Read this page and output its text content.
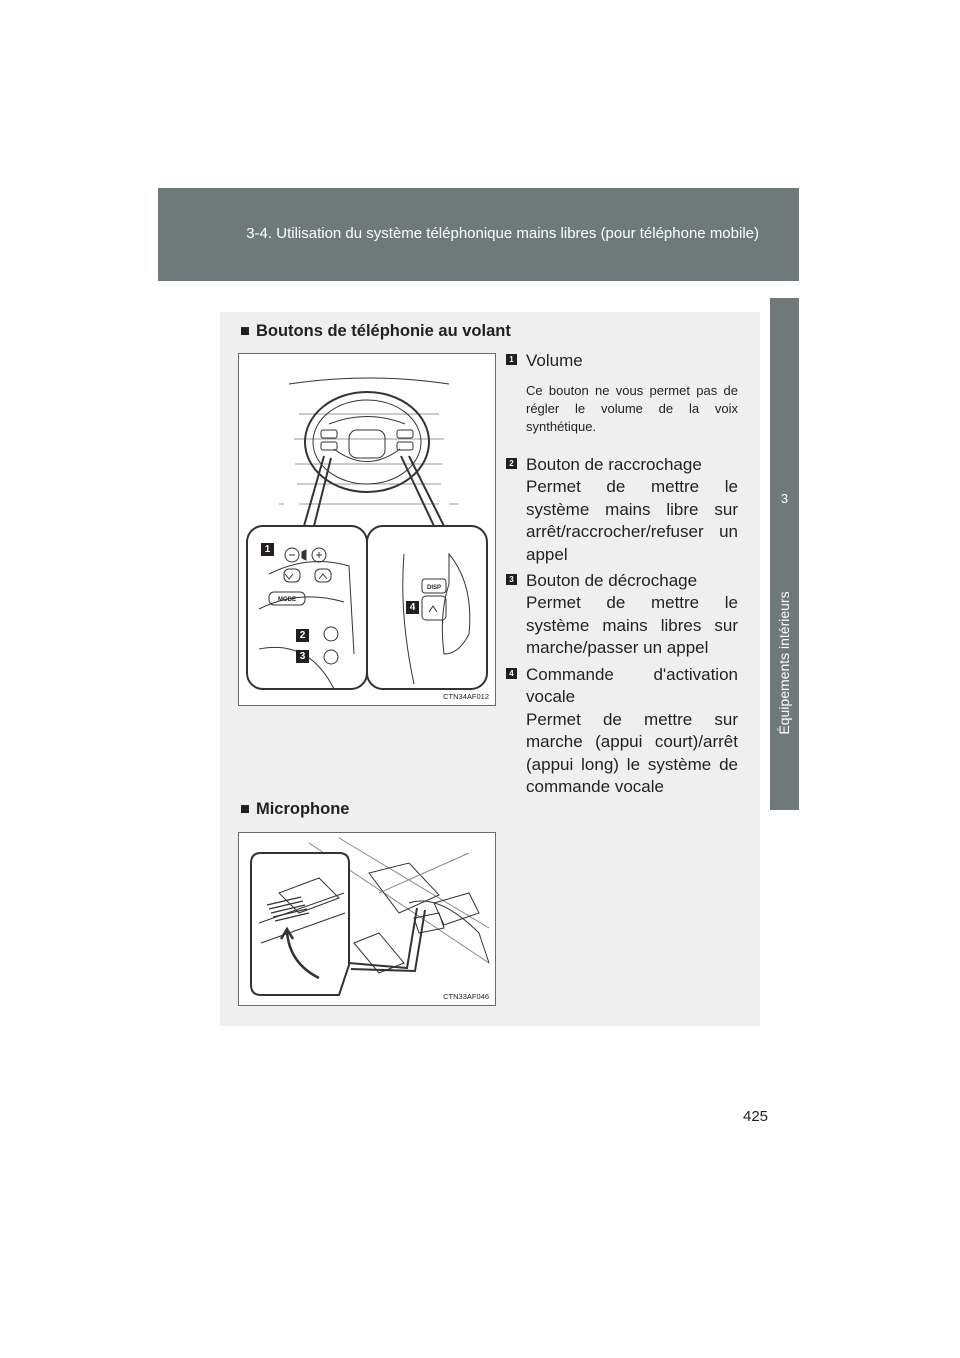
3-4. Utilisation du système téléphonique mains libres (pour téléphone mobile)
3
Équipements intérieurs
■ Boutons de téléphonie au volant
DISP
MODE
1
2
3
4
CTN34AF012
1 Volume
Ce bouton ne vous permet pas de régler le volume de la voix synthétique.
2 Bouton de raccrochage
Permet de mettre le système mains libre sur arrêt/raccrocher/refuser un appel
3 Bouton de décrochage
Permet de mettre le système mains libres sur marche/passer un appel
4 Commande d'activation vocale
Permet de mettre sur marche (appui court)/arrêt (appui long) le système de commande vocale
■ Microphone
CTN33AF046
425
